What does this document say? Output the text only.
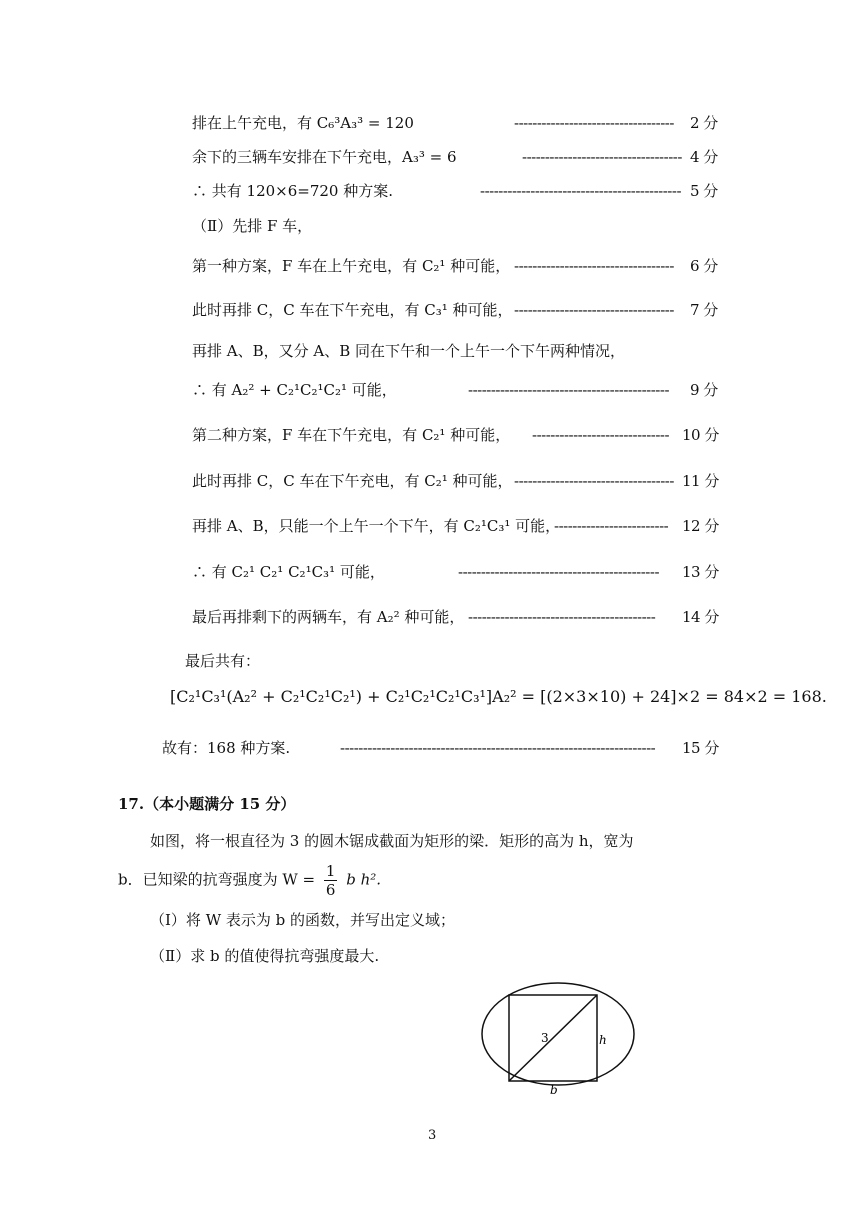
排在上午充电，有 C₆³A₃³ = 120	----------------------------------- 2 分
余下的三辆车安排在下午充电，A₃³ = 6	----------------------------------- 4 分
∴ 共有 120×6=720 种方案.	-------------------------------------------- 5 分
（Ⅱ）先排 F 车，
第一种方案，F 车在上午充电，有 C₂¹ 种可能， ----------------------------------- 6 分
此时再排 C，C 车在下午充电，有 C₃¹ 种可能， ----------------------------------- 7 分
再排 A、B，又分 A、B 同在下午和一个上午一个下午两种情况，
∴ 有 A₂² + C₂¹C₂¹C₂¹ 可能，	-------------------------------------------- 9 分
第二种方案，F 车在下午充电，有 C₂¹ 种可能， ------------------------------ 10 分
此时再排 C，C 车在下午充电，有 C₂¹ 种可能， ----------------------------------- 11 分
再排 A、B，只能一个上午一个下午，有 C₂¹C₃¹ 可能，
------------------------- 12 分
∴ 有 C₂¹ C₂¹ C₂¹C₃¹ 可能，	-------------------------------------------- 13 分
最后再排剩下的两辆车，有 A₂² 种可能， ----------------------------------------- 14 分
最后共有：
[C₂¹C₃¹(A₂² + C₂¹C₂¹C₂¹) + C₂¹C₂¹C₂¹C₃¹]A₂² = [(2×3×10) + 24]×2 = 84×2 = 168.
故有：168 种方案.	--------------------------------------------------------------------- 15 分
17.（本小题满分 15 分）
如图，将一根直径为 3 的圆木锯成截面为矩形的梁．矩形的高为 h，宽为
b．已知梁的抗弯强度为 $W = \frac{1}{6}$ b h².
（Ⅰ）将 W 表示为 b 的函数，并写出定义域；
（Ⅱ）求 b 的值使得抗弯强度最大.
3	h
b
3
